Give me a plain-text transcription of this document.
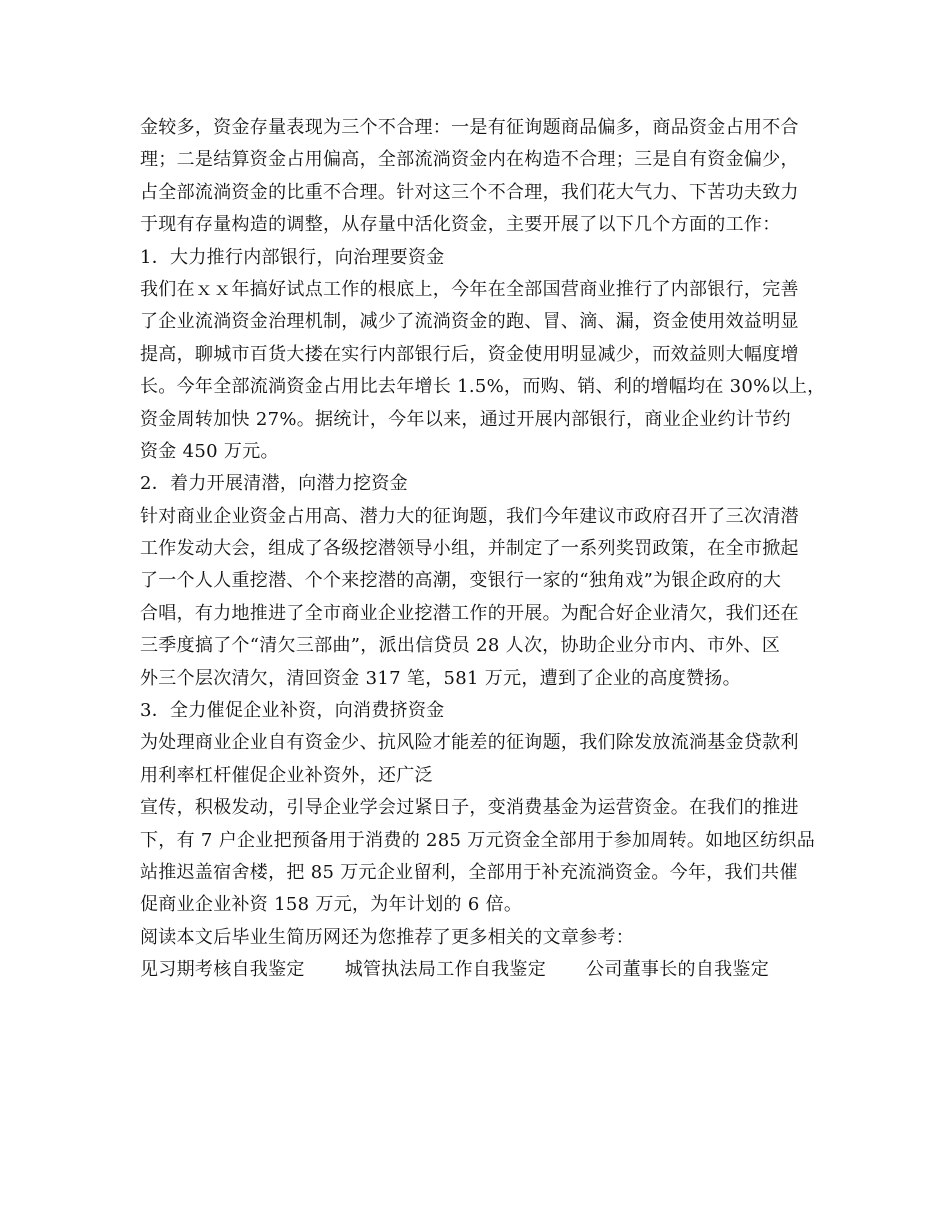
金较多，资金存量表现为三个不合理：一是有征询题商品偏多，商品资金占用不合
理；二是结算资金占用偏高，全部流淌资金内在构造不合理；三是自有资金偏少，
占全部流淌资金的比重不合理。针对这三个不合理，我们花大气力、下苦功夫致力
于现有存量构造的调整，从存量中活化资金，主要开展了以下几个方面的工作：
1．大力推行内部银行，向治理要资金
我们在ｘｘ年搞好试点工作的根底上，今年在全部国营商业推行了内部银行，完善
了企业流淌资金治理机制，减少了流淌资金的跑、冒、滴、漏，资金使用效益明显
提高，聊城市百货大搂在实行内部银行后，资金使用明显减少，而效益则大幅度增
长。今年全部流淌资金占用比去年增长 1.5%，而购、销、利的增幅均在 30%以上，
资金周转加快 27%。据统计，今年以来，通过开展内部银行，商业企业约计节约
资金 450 万元。
2．着力开展清潜，向潜力挖资金
针对商业企业资金占用高、潜力大的征询题，我们今年建议市政府召开了三次清潜
工作发动大会，组成了各级挖潜领导小组，并制定了一系列奖罚政策，在全市掀起
了一个人人重挖潜、个个来挖潜的高潮，变银行一家的“独角戏”为银企政府的大
合唱，有力地推进了全市商业企业挖潜工作的开展。为配合好企业清欠，我们还在
三季度搞了个“清欠三部曲”，派出信贷员 28 人次，协助企业分市内、市外、区
外三个层次清欠，清回资金 317 笔，581 万元，遭到了企业的高度赞扬。
3．全力催促企业补资，向消费挤资金
为处理商业企业自有资金少、抗风险才能差的征询题，我们除发放流淌基金贷款利
用利率杠杆催促企业补资外，还广泛
宣传，积极发动，引导企业学会过紧日子，变消费基金为运营资金。在我们的推进
下，有 7 户企业把预备用于消费的 285 万元资金全部用于参加周转。如地区纺织品
站推迟盖宿舍楼，把 85 万元企业留利，全部用于补充流淌资金。今年，我们共催
促商业企业补资 158 万元，为年计划的 6 倍。
阅读本文后毕业生简历网还为您推荐了更多相关的文章参考：
见习期考核自我鉴定 城管执法局工作自我鉴定 公司董事长的自我鉴定
